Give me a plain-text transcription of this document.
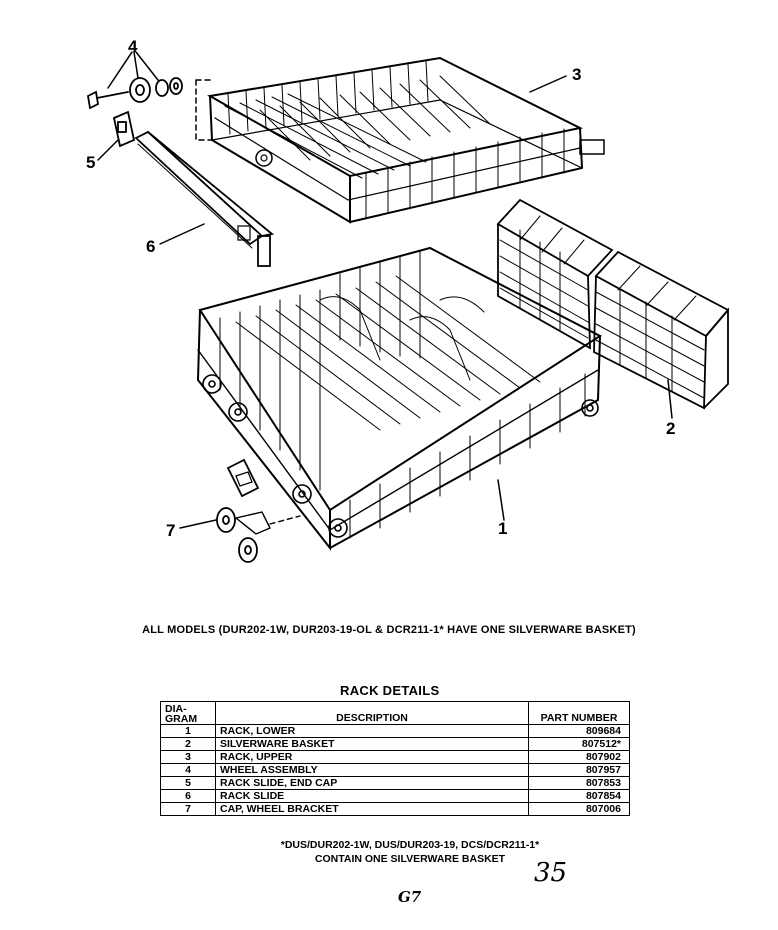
3
4
5
6
2
1
7
ALL MODELS (DUR202-1W, DUR203-19-OL & DCR211-1* HAVE ONE SILVERWARE BASKET)
RACK DETAILS
DIA-
GRAM	DESCRIPTION	PART NUMBER
1	RACK, LOWER	809684
2	SILVERWARE BASKET	807512*
3	RACK, UPPER	807902
4	WHEEL ASSEMBLY	807957
5	RACK SLIDE, END CAP	807853
6	RACK SLIDE	807854
7	CAP, WHEEL BRACKET	807006
*DUS/DUR202-1W, DUS/DUR203-19, DCS/DCR211-1*
CONTAIN ONE SILVERWARE BASKET	35
G7
